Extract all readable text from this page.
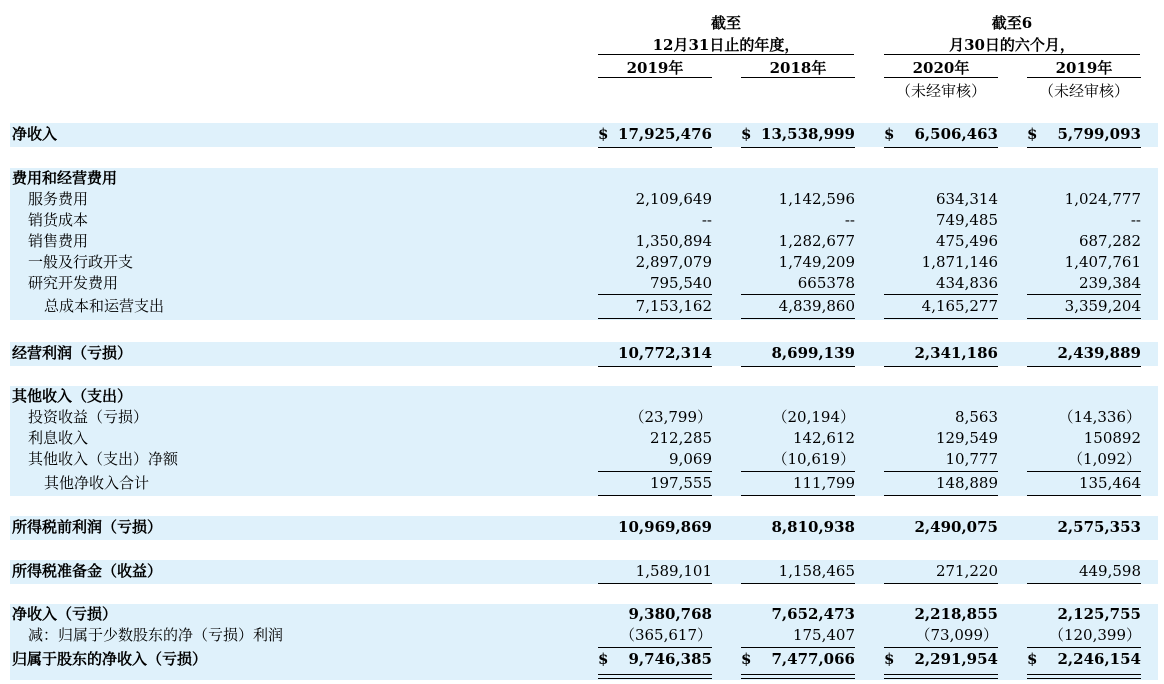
截至
12月31日止的年度，
截至6
月30日的六个月，
2019年	2018年	2020年	2019年
（未经审核）	（未经审核）
净收入	$ 17,925,476 $ 13,538,999 $ 6,506,463 $ 5,799,093
费用和经营费用
服务费用	2,109,649	1,142,596	634,314	1,024,777
销货成本	--	--	749,485	--
销售费用	1,350,894	1,282,677	475,496	687,282
一般及行政开支	2,897,079	1,749,209	1,871,146	1,407,761
研究开发费用	795,540	665378	434,836	239,384
总成本和运营支出	7,153,162	4,839,860	4,165,277	3,359,204
经营利润（亏损）	10,772,314	8,699,139	2,341,186	2,439,889
其他收入（支出）
投资收益（亏损）	（23,799）	（20,194）	8,563	（14,336）
利息收入	212,285	142,612	129,549	150892
其他收入（支出）净额	9,069	（10,619）	10,777	（1,092）
其他净收入合计	197,555	111,799	148,889	135,464
所得税前利润（亏损）	10,969,869	8,810,938	2,490,075	2,575,353
所得税准备金（收益）	1,589,101	1,158,465	271,220	449,598
净收入（亏损）	9,380,768	7,652,473	2,218,855	2,125,755
减：归属于少数股东的净（亏损）利润	（365,617）	175,407	（73,099）	（120,399）
归属于股东的净收入（亏损）	$ 9,746,385 $ 7,477,066 $ 2,291,954 $ 2,246,154
